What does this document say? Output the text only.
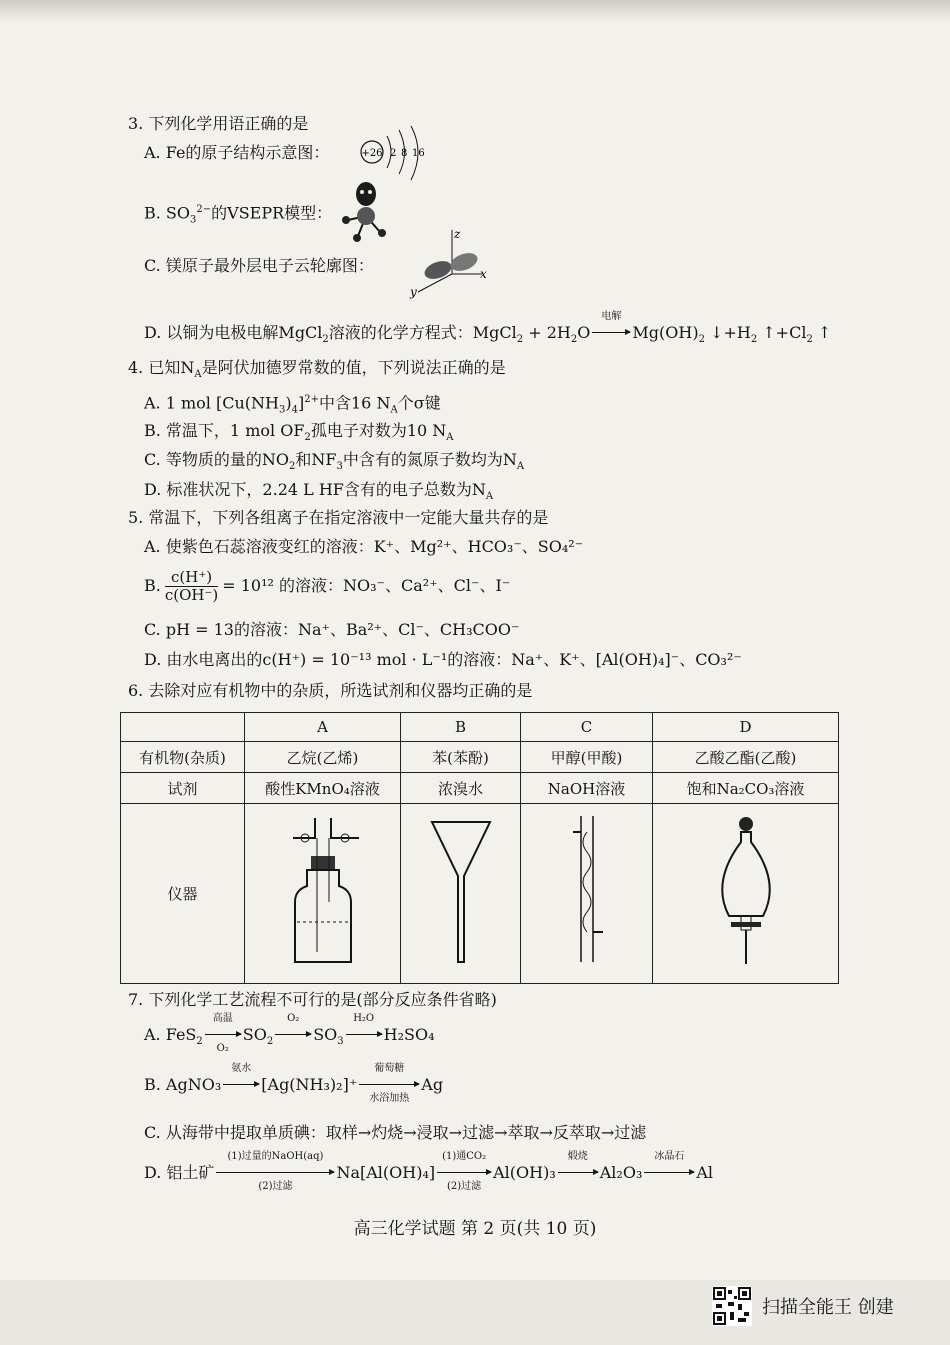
3. 下列化学用语正确的是
A. Fe的原子结构示意图：	+26 2 8 16
B. $SO_3^{2-}$的VSEPR模型：
C. 镁原子最外层电子云轮廓图：
z
x
y
D. 以铜为电极电解MgCl$_2$溶液的化学方程式：MgCl$_2$ + $2H_2O$
电解
$Mg(OH)_2$ $↓+H_2$ $↑+Cl_2$ ↑
4. 已知$N_A$是阿伏加德罗常数的值，下列说法正确的是
A. 1 mol $[Cu(NH_3)_4]^{2+}$中含16 $N_A$个σ键
B. 常温下，1 mol $OF_2$孤电子对数为10 $N_A$
C. 等物质的量的$NO_2$和$NF_3$中含有的氮原子数均为$N_A$
D. 标准状况下，2.24 L HF含有的电子总数为$N_A$
5. 常温下，下列各组离子在指定溶液中一定能大量共存的是
A. 使紫色石蕊溶液变红的溶液：K⁺、Mg²⁺、HCO₃⁻、SO₄²⁻
B. $\frac{c(H^+)}{c(OH^-)} = 10^{12}$ 的溶液：NO₃⁻、Ca²⁺、Cl⁻、I⁻
C. pH = 13的溶液：Na⁺、Ba²⁺、Cl⁻、CH₃COO⁻
D. 由水电离出的c(H⁺) = 10⁻¹³ mol · L⁻¹的溶液：Na⁺、K⁺、[Al(OH)₄]⁻、CO₃²⁻
6. 去除对应有机物中的杂质，所选试剂和仪器均正确的是
	A	B	C	D
有机物(杂质)	乙烷(乙烯)	苯(苯酚)	甲醇(甲酸)	乙酸乙酯(乙酸)
试剂	酸性KMnO₄溶液	浓溴水	NaOH溶液	饱和Na₂CO₃溶液
仪器				
7. 下列化学工艺流程不可行的是(部分反应条件省略)
A. FeS$_2$
高温
O₂
$SO_2$
O₂
$SO_3$
H₂O
H₂SO₄
B. AgNO₃
氨水
[Ag(NH₃)₂]⁺
葡萄糖
水浴加热
Ag
C. 从海带中提取单质碘：取样→灼烧→浸取→过滤→萃取→反萃取→过滤
D. 铝土矿
(1)过量的NaOH(aq)
(2)过滤
Na[Al(OH)₄]
(1)通CO₂
(2)过滤
Al(OH)₃
煅烧
Al₂O₃
冰晶石
Al
高三化学试题 第 2 页(共 10 页)
扫描全能王 创建
